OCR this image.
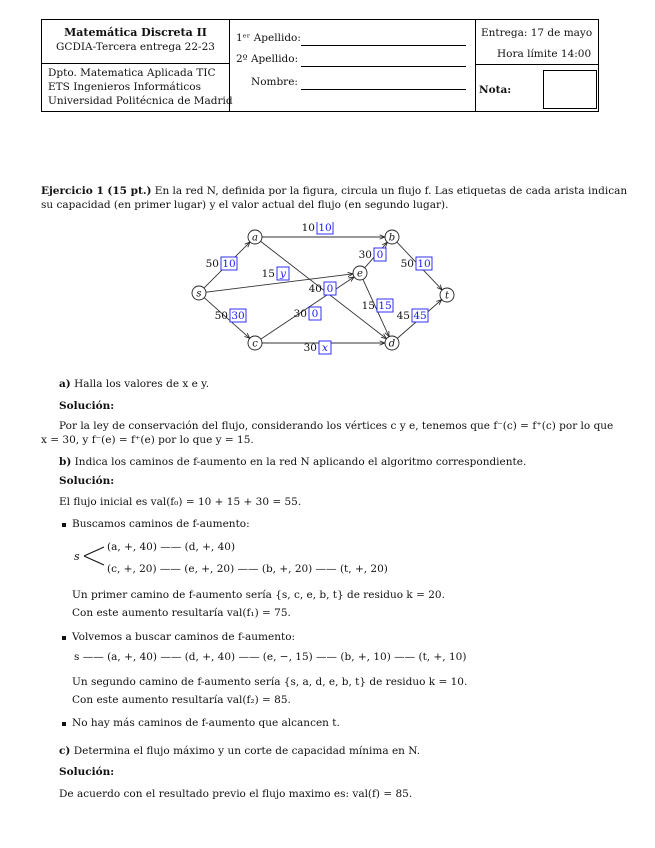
Matemática Discreta II
GCDIA-Tercera entrega 22-23
Dpto. Matematica Aplicada TIC
ETS Ingenieros Informáticos
Universidad Politécnica de Madrid
1ᵉʳ Apellido:
2º Apellido:
Nombre:
Entrega: 17 de mayo
Hora límite 14:00
Nota:
Ejercicio 1 (15 pt.) En la red N, definida por la figura, circula un flujo f. Las etiquetas de cada arista indican
su capacidad (en primer lugar) y el valor actual del flujo (en segundo lugar).
50 10
10 10
15 y
40 0
30 0
50 10
30 0
15 15
50 30	45 45
30 x
s
a	b
c	d
e
t
a) Halla los valores de x e y.
Solución:
Por la ley de conservación del flujo, considerando los vértices c y e, tenemos que f⁻(c) = f⁺(c) por lo que
x = 30, y f⁻(e) = f⁺(e) por lo que y = 15.
b) Indica los caminos de f-aumento en la red N aplicando el algoritmo correspondiente.
Solución:
El flujo inicial es val(f₀) = 10 + 15 + 30 = 55.
Buscamos caminos de f-aumento:
s
(a, +, 40) —— (d, +, 40)
(c, +, 20) —— (e, +, 20) —— (b, +, 20) —— (t, +, 20)
Un primer camino de f-aumento sería {s, c, e, b, t} de residuo k = 20.
Con este aumento resultaría val(f₁) = 75.
Volvemos a buscar caminos de f-aumento:
s —— (a, +, 40) —— (d, +, 40) —— (e, −, 15) —— (b, +, 10) —— (t, +, 10)
Un segundo camino de f-aumento sería {s, a, d, e, b, t} de residuo k = 10.
Con este aumento resultaría val(f₂) = 85.
No hay más caminos de f-aumento que alcancen t.
c) Determina el flujo máximo y un corte de capacidad mínima en N.
Solución:
De acuerdo con el resultado previo el flujo maximo es: val(f) = 85.
